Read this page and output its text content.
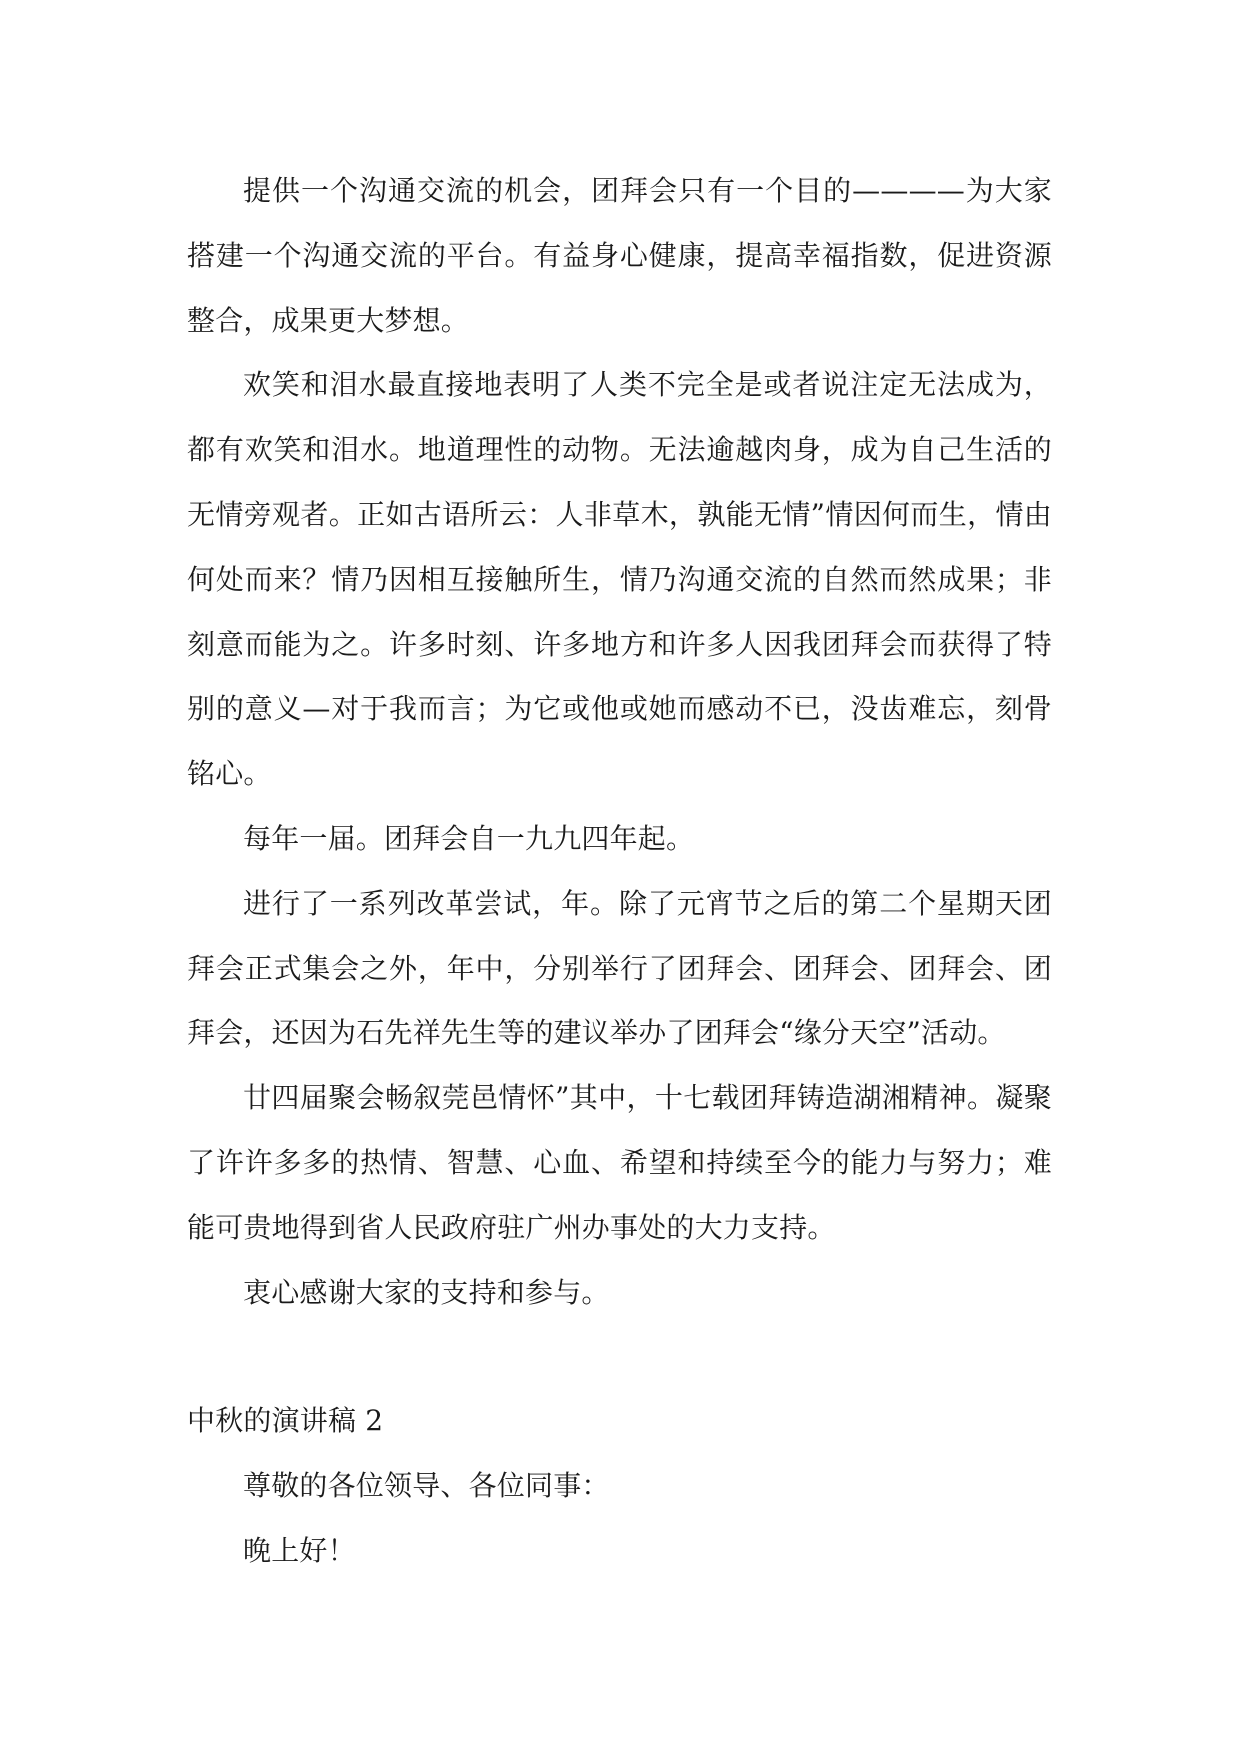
提供一个沟通交流的机会，团拜会只有一个目的————为大家搭建一个沟通交流的平台。有益身心健康，提高幸福指数，促进资源整合，成果更大梦想。

欢笑和泪水最直接地表明了人类不完全是或者说注定无法成为，都有欢笑和泪水。地道理性的动物。无法逾越肉身，成为自己生活的无情旁观者。正如古语所云：人非草木，孰能无情”情因何而生，情由何处而来？情乃因相互接触所生，情乃沟通交流的自然而然成果；非刻意而能为之。许多时刻、许多地方和许多人因我团拜会而获得了特别的意义—对于我而言；为它或他或她而感动不已，没齿难忘，刻骨铭心。

每年一届。团拜会自一九九四年起。

进行了一系列改革尝试，年。除了元宵节之后的第二个星期天团拜会正式集会之外，年中，分别举行了团拜会、团拜会、团拜会、团拜会，还因为石先祥先生等的建议举办了团拜会“缘分天空”活动。

廿四届聚会畅叙莞邑情怀”其中，十七载团拜铸造湖湘精神。凝聚了许许多多的热情、智慧、心血、希望和持续至今的能力与努力；难能可贵地得到省人民政府驻广州办事处的大力支持。

衷心感谢大家的支持和参与。

中秋的演讲稿 2

尊敬的各位领导、各位同事：

晚上好！
